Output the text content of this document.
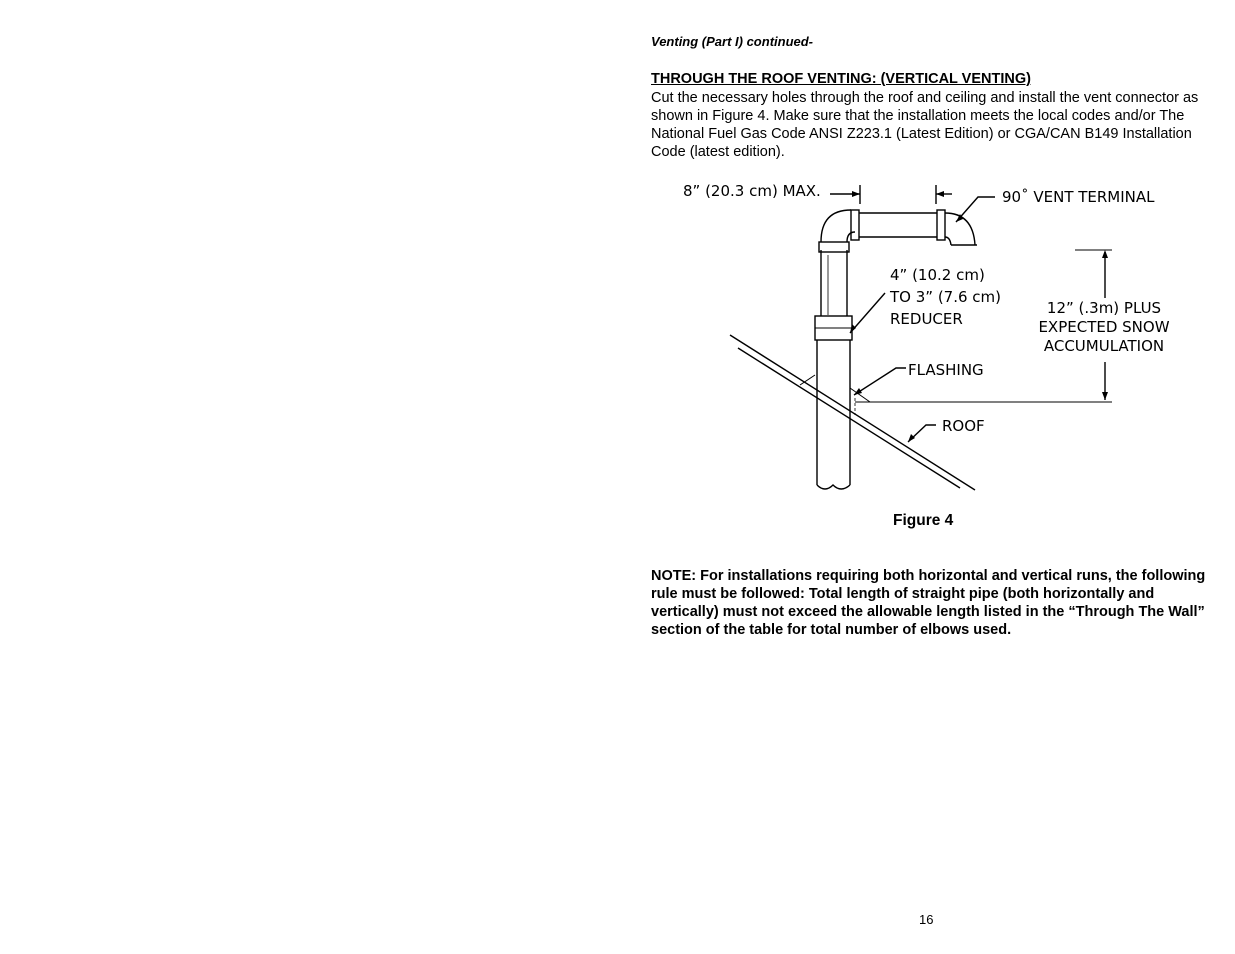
Venting (Part I) continued-
THROUGH THE ROOF VENTING: (VERTICAL VENTING)

Cut the necessary holes through the roof and ceiling and install the vent connector as shown in Figure 4. Make sure that the installation meets the local codes and/or The National Fuel Gas Code ANSI Z223.1 (Latest Edition) or CGA/CAN B149 Installation Code (latest edition).

8” (20.3 cm) MAX.	90˚ VENT TERMINAL
4” (10.2 cm)
TO 3” (7.6 cm)
REDUCER
12” (.3m) PLUS
EXPECTED SNOW
ACCUMULATION
FLASHING
ROOF
Figure 4

NOTE: For installations requiring both horizontal and vertical runs, the following rule must be followed: Total length of straight pipe (both horizontally and vertically) must not exceed the allowable length listed in the “Through The Wall” section of the table for total number of elbows used.

16
